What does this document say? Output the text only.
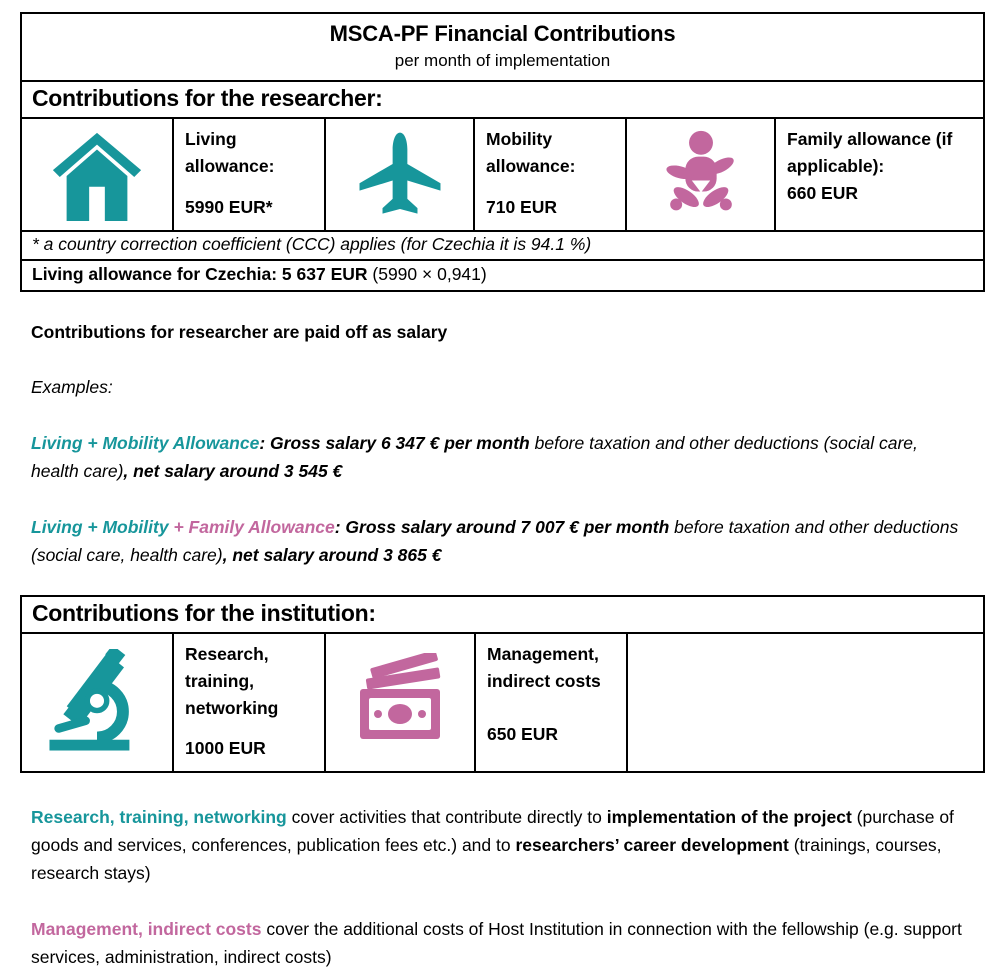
MSCA-PF Financial Contributions
per month of implementation
Contributions for the researcher:
Living allowance:
5990 EUR*
Mobility allowance:
710 EUR
Family allowance (if applicable):
660 EUR
* a country correction coefficient (CCC) applies (for Czechia it is 94.1 %)
Living allowance for Czechia: 5 637 EUR (5990 × 0,941)

Contributions for researcher are paid off as salary

Examples:

Living + Mobility Allowance: Gross salary 6 347 € per month before taxation and other deductions (social care, health care), net salary around 3 545 €

Living + Mobility + Family Allowance: Gross salary around 7 007 € per month before taxation and other deductions (social care, health care), net salary around 3 865 €

Contributions for the institution:
Research, training, networking
1000 EUR
Management, indirect costs
650 EUR

Research, training, networking cover activities that contribute directly to implementation of the project (purchase of goods and services, conferences, publication fees etc.) and to researchers’ career development (trainings, courses, research stays)

Management, indirect costs cover the additional costs of Host Institution in connection with the fellowship (e.g. support services, administration, indirect costs)
